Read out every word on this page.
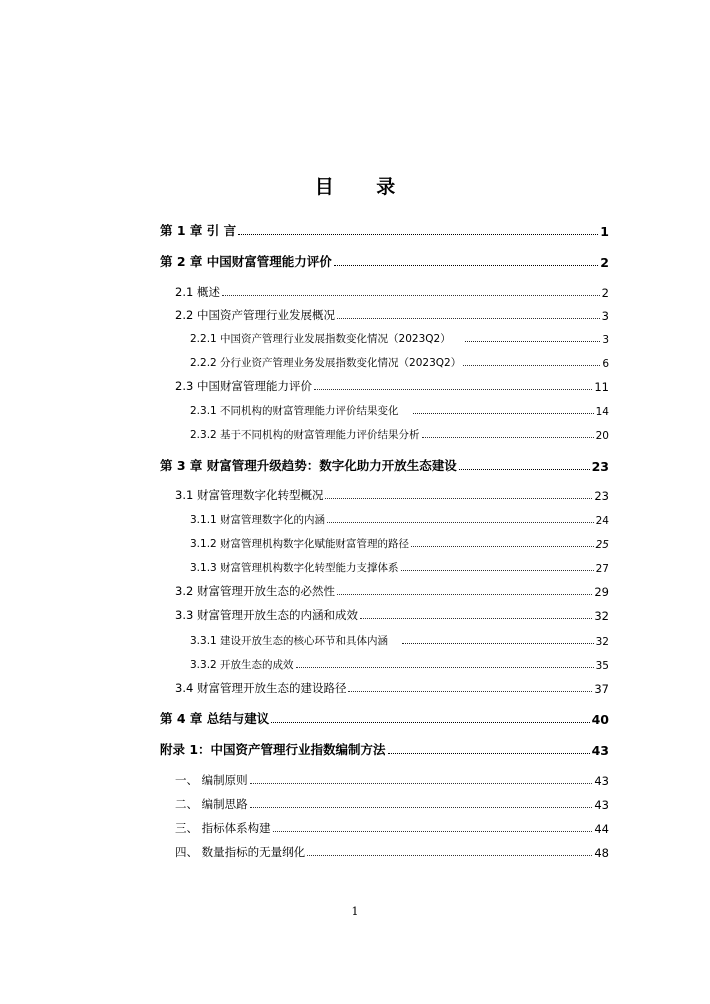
目 录
第 1 章 引 言	1
第 2 章 中国财富管理能力评价	2
2.1 概述	2
2.2 中国资产管理行业发展概况	3
2.2.1 中国资产管理行业发展指数变化情况（2023Q2）	3
2.2.2 分行业资产管理业务发展指数变化情况（2023Q2）	6
2.3 中国财富管理能力评价	11
2.3.1 不同机构的财富管理能力评价结果变化	14
2.3.2 基于不同机构的财富管理能力评价结果分析	20
第 3 章 财富管理升级趋势：数字化助力开放生态建设	23
3.1 财富管理数字化转型概况	23
3.1.1 财富管理数字化的内涵	24
3.1.2 财富管理机构数字化赋能财富管理的路径	25
3.1.3 财富管理机构数字化转型能力支撑体系	27
3.2 财富管理开放生态的必然性	29
3.3 财富管理开放生态的内涵和成效	32
3.3.1 建设开放生态的核心环节和具体内涵	32
3.3.2 开放生态的成效	35
3.4 财富管理开放生态的建设路径	37
第 4 章 总结与建议	40
附录 1：中国资产管理行业指数编制方法	43
一、 编制原则	43
二、 编制思路	43
三、 指标体系构建	44
四、 数量指标的无量纲化	48
1
